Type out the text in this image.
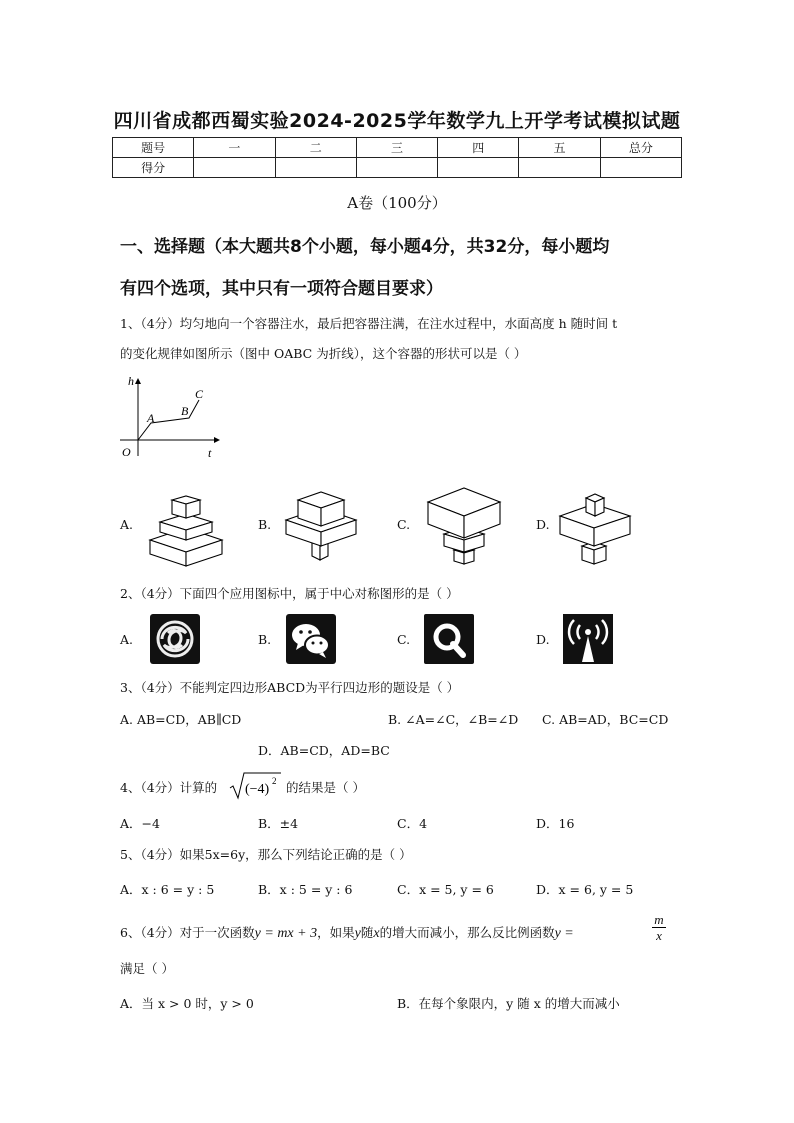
四川省成都西蜀实验2024-2025学年数学九上开学考试模拟试题
题号	一	二	三	四	五	总分
得分						
A卷（100分）
一、选择题（本大题共8个小题，每小题4分，共32分，每小题均
有四个选项，其中只有一项符合题目要求）
1、（4分）均匀地向一个容器注水，最后把容器注满，在注水过程中，水面高度 h 随时间 t
的变化规律如图所示（图中 OABC 为折线），这个容器的形状可以是（ ）
h
t
O
A B
C
A.	B.	C.	D.
2、（4分）下面四个应用图标中，属于中心对称图形的是（ ）
A.	B.	C.	D.
3、（4分）不能判定四边形ABCD为平行四边形的题设是（ ）
A. AB=CD，AB∥CD	B. ∠A=∠C，∠B=∠D C. AB=AD，BC=CD
D．AB=CD，AD=BC
4、（4分）计算的 (−4)
2 的结果是（ ）
A．−4	B．±4	C．4	D．16
5、（4分）如果5x=6y，那么下列结论正确的是（ ）
A．x : 6 = y : 5	B．x : 5 = y : 6	C．x = 5, y = 6	D．x = 6, y = 5
6、（4分）对于一次函数y = mx + 3，如果y随x的增大而减小，那么反比例函数y =	$\frac{m}{x}$
满足（ ）
A．当 x > 0 时，y > 0	B．在每个象限内，y 随 x 的增大而减小
